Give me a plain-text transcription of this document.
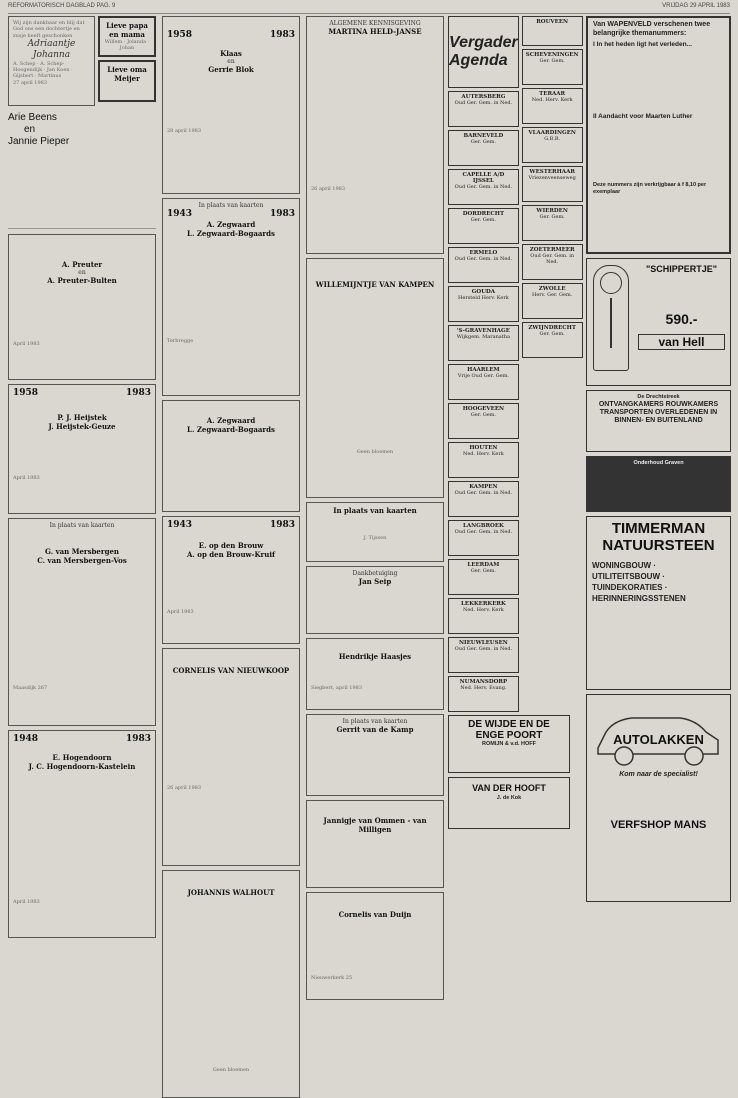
REFORMATORISCH DAGBLAD PAG. 9	VRIJDAG 29 APRIL 1983
Wij zijn dankbaar en blij dat God ons een dochtertje en zusje heeft geschonken
Adriaantje Johanna
A. Schep · A. Schep-Hoogendijk · Jan Koen · Gijsbert · Martinus
27 april 1983
Lieve papa en mama
Willem · Jolanda · Johan
Lieve oma Meijer
Arie Beens
en
Jannie Pieper
A. Preuter
en
A. Preuter-Bulten
April 1983
1958	1983
P. J. Heijstek
J. Heijstek-Geuze
April 1983
In plaats van kaarten
G. van Mersbergen
C. van Mersbergen-Vos
Maasdijk 267
1948	1983
E. Hogendoorn
J. C. Hogendoorn-Kastelein
April 1983
1958	1983
Klaas
en
Gerrie Blok
28 april 1983
In plaats van kaarten
1943	1983
A. Zegwaard
L. Zegwaard-Bogaards
Terbregge
A. Zegwaard
L. Zegwaard-Bogaards
1943	1983
E. op den Brouw
A. op den Brouw-Kruif
April 1983
CORNELIS VAN NIEUWKOOP
26 april 1983
JOHANNIS WALHOUT
Geen bloemen
ALGEMENE KENNISGEVING
MARTINA HELD-JANSE
26 april 1983
WILLEMIJNTJE VAN KAMPEN
Geen bloemen
In plaats van kaarten
J. Tijssen
Dankbetuiging
Jan Seip
Hendrikje Haasjes
Siegbert, april 1983
In plaats van kaarten
Gerrit van de Kamp
Jannigje van Ommen - van Milligen
Cornelis van Duijn
Nieuwerkerk 25
Vergader Agenda
AUTERSBERG
Oud Ger. Gem. in Ned.
BARNEVELD
Ger. Gem.
CAPELLE A/D IJSSEL
Oud Ger. Gem. in Ned.
DORDRECHT
Ger. Gem.
ERMELO
Oud Ger. Gem. in Ned.
GOUDA
Hersteld Herv. Kerk
'S-GRAVENHAGE
Wijkgem. Maranatha
HAARLEM
Vrije Oud Ger. Gem.
HOOGEVEEN
Ger. Gem.
HOUTEN
Ned. Herv. Kerk
KAMPEN
Oud Ger. Gem. in Ned.
LANGBROEK
Oud Ger. Gem. in Ned.
LEERDAM
Ger. Gem.
LEKKERKERK
Ned. Herv. Kerk
NIEUWLEUSEN
Oud Ger. Gem. in Ned.
NUMANSDORP
Ned. Herv. Evang.
ROUVEEN
SCHEVENINGEN
Ger. Gem.
TERAAR
Ned. Herv. Kerk
VLAARDINGEN
G.B.B.
WESTERHAAR
Vriezenveenseweg
WIERDEN
Ger. Gem.
ZOETERMEER
Oud Ger. Gem. in Ned.
ZWOLLE
Herv. Ger. Gem.
ZWIJNDRECHT
Ger. Gem.
DE WIJDE EN DE ENGE POORT
ROMIJN & v.d. HOFF
VAN DER HOOFT
J. de Kok
Van WAPENVELD verschenen twee belangrijke themanummers:
I In het heden ligt het verleden...
II Aandacht voor Maarten Luther
Deze nummers zijn verkrijgbaar à f 8,10 per exemplaar
"SCHIPPERTJE"
590.-
van Hell
De Drechtstreek
ONTVANGKAMERS ROUWKAMERS TRANSPORTEN OVERLEDENEN IN BINNEN- EN BUITENLAND
Onderhoud Graven
TIMMERMAN NATUURSTEEN
WONINGBOUW · UTILITEITSBOUW · TUINDEKORATIES · HERINNERINGSSTENEN
AUTOLAKKEN
Kom naar de specialist!
VERFSHOP MANS
